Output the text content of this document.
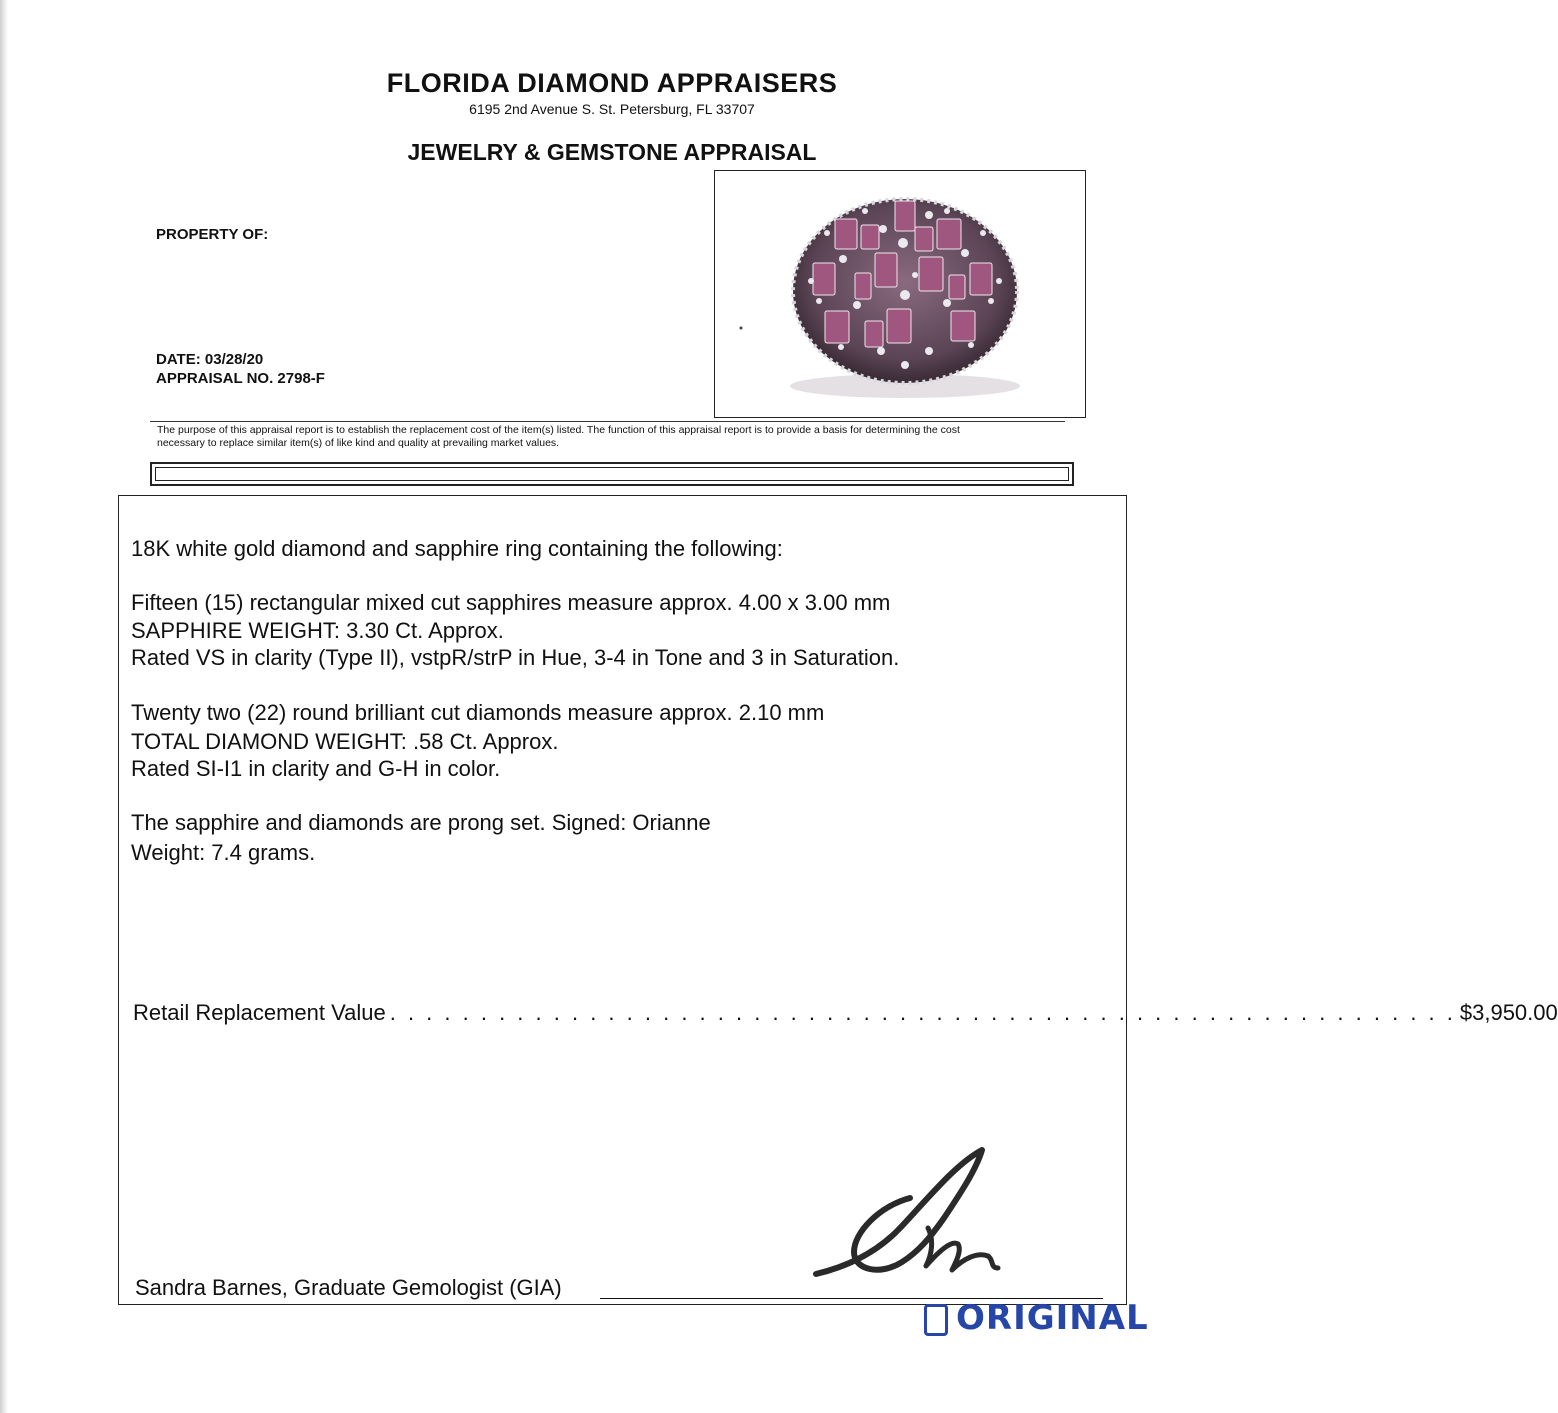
FLORIDA DIAMOND APPRAISERS
6195 2nd Avenue S. St. Petersburg, FL 33707
JEWELRY & GEMSTONE APPRAISAL
PROPERTY OF:
DATE: 03/28/20
APPRAISAL NO. 2798-F
The purpose of this appraisal report is to establish the replacement cost of the item(s) listed. The function of this appraisal report is to provide a basis for determining the cost
necessary to replace similar item(s) of like kind and quality at prevailing market values.
18K white gold diamond and sapphire ring containing the following:
Fifteen (15) rectangular mixed cut sapphires measure approx. 4.00 x 3.00 mm
SAPPHIRE WEIGHT: 3.30 Ct. Approx.
Rated VS in clarity (Type II), vstpR/strP in Hue, 3-4 in Tone and 3 in Saturation.
Twenty two (22) round brilliant cut diamonds measure approx. 2.10 mm
TOTAL DIAMOND WEIGHT: .58 Ct. Approx.
Rated SI-I1 in clarity and G-H in color.
The sapphire and diamonds are prong set. Signed: Orianne
Weight: 7.4 grams.
Retail Replacement Value . . . . . . . . . . . . . . . . . . . . . . . . . . . . . . . . . . . . . . . . . . . . . . . . . . . . . . . . . . . $3,950.00
Sandra Barnes, Graduate Gemologist (GIA)
ORIGINAL
